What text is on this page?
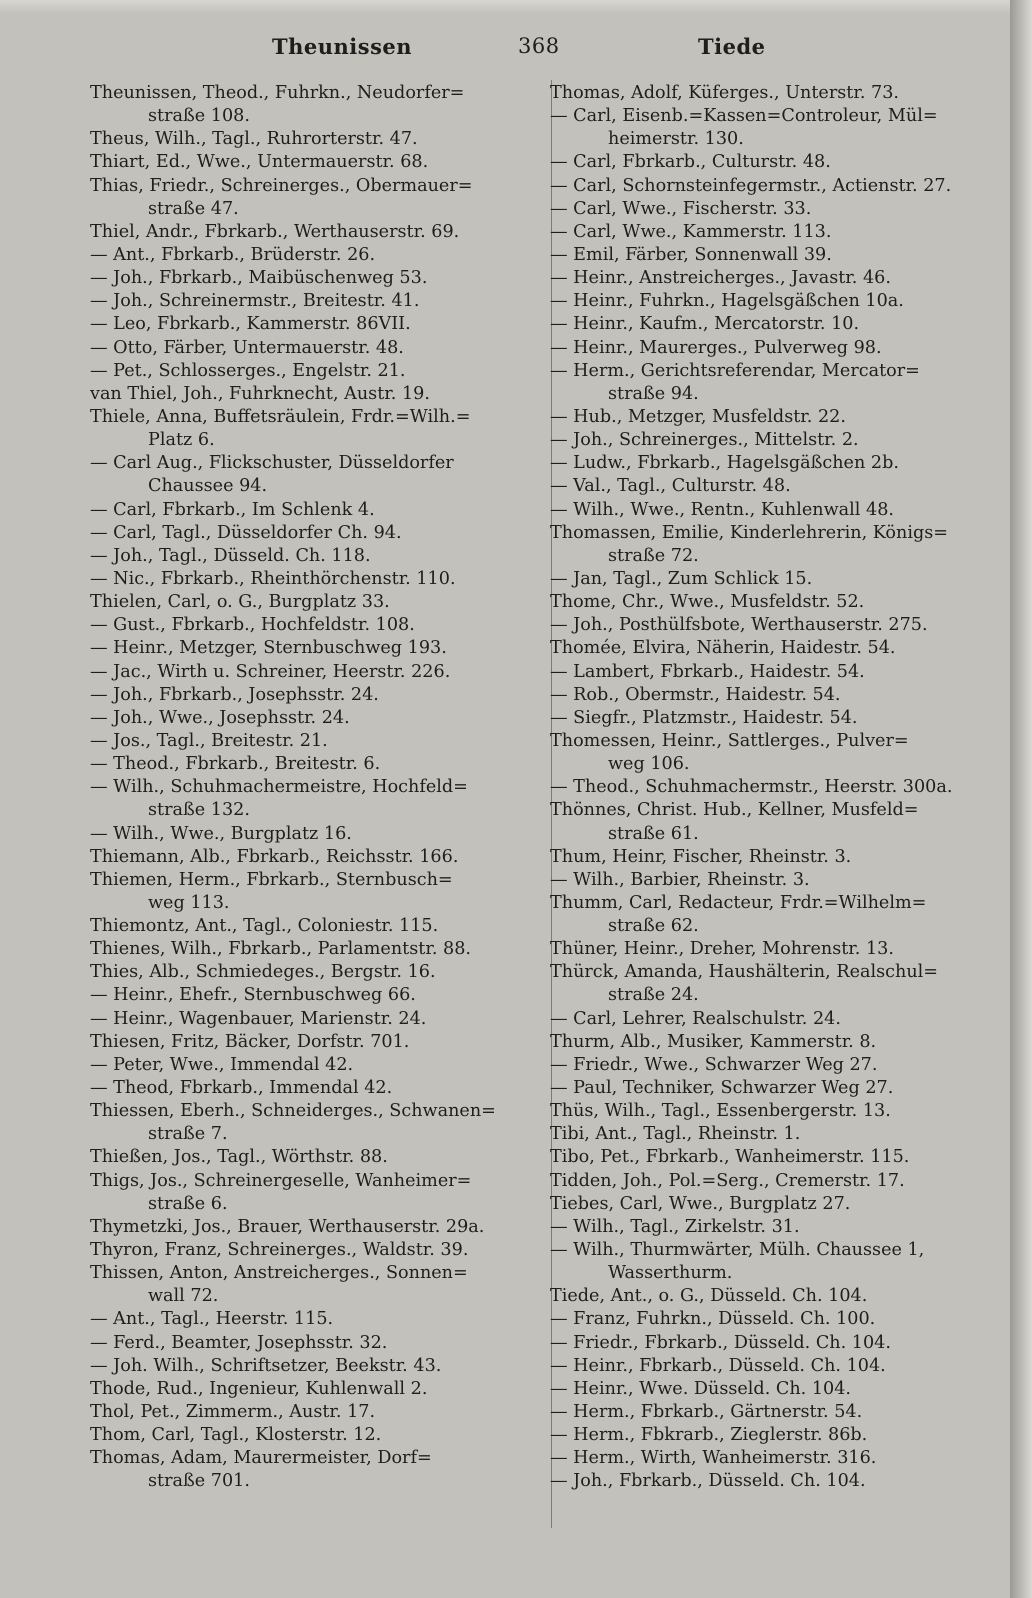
Theunissen	368	Tiede
Theunissen, Theod., Fuhrkn., Neudorfer=
straße 108.
Theus, Wilh., Tagl., Ruhrorterstr. 47.
Thiart, Ed., Wwe., Untermauerstr. 68.
Thias, Friedr., Schreinerges., Obermauer=
straße 47.
Thiel, Andr., Fbrkarb., Werthauserstr. 69.
— Ant., Fbrkarb., Brüderstr. 26.
— Joh., Fbrkarb., Maibüschenweg 53.
— Joh., Schreinermstr., Breitestr. 41.
— Leo, Fbrkarb., Kammerstr. 86VII.
— Otto, Färber, Untermauerstr. 48.
— Pet., Schlosserges., Engelstr. 21.
van Thiel, Joh., Fuhrknecht, Austr. 19.
Thiele, Anna, Buffetsräulein, Frdr.=Wilh.=
Platz 6.
— Carl Aug., Flickschuster, Düsseldorfer
Chaussee 94.
— Carl, Fbrkarb., Im Schlenk 4.
— Carl, Tagl., Düsseldorfer Ch. 94.
— Joh., Tagl., Düsseld. Ch. 118.
— Nic., Fbrkarb., Rheinthörchenstr. 110.
Thielen, Carl, o. G., Burgplatz 33.
— Gust., Fbrkarb., Hochfeldstr. 108.
— Heinr., Metzger, Sternbuschweg 193.
— Jac., Wirth u. Schreiner, Heerstr. 226.
— Joh., Fbrkarb., Josephsstr. 24.
— Joh., Wwe., Josephsstr. 24.
— Jos., Tagl., Breitestr. 21.
— Theod., Fbrkarb., Breitestr. 6.
— Wilh., Schuhmachermeistre, Hochfeld=
straße 132.
— Wilh., Wwe., Burgplatz 16.
Thiemann, Alb., Fbrkarb., Reichsstr. 166.
Thiemen, Herm., Fbrkarb., Sternbusch=
weg 113.
Thiemontz, Ant., Tagl., Coloniestr. 115.
Thienes, Wilh., Fbrkarb., Parlamentstr. 88.
Thies, Alb., Schmiedeges., Bergstr. 16.
— Heinr., Ehefr., Sternbuschweg 66.
— Heinr., Wagenbauer, Marienstr. 24.
Thiesen, Fritz, Bäcker, Dorfstr. 701.
— Peter, Wwe., Immendal 42.
— Theod, Fbrkarb., Immendal 42.
Thiessen, Eberh., Schneiderges., Schwanen=
straße 7.
Thießen, Jos., Tagl., Wörthstr. 88.
Thigs, Jos., Schreinergeselle, Wanheimer=
straße 6.
Thymetzki, Jos., Brauer, Werthauserstr. 29a.
Thyron, Franz, Schreinerges., Waldstr. 39.
Thissen, Anton, Anstreicherges., Sonnen=
wall 72.
— Ant., Tagl., Heerstr. 115.
— Ferd., Beamter, Josephsstr. 32.
— Joh. Wilh., Schriftsetzer, Beekstr. 43.
Thode, Rud., Ingenieur, Kuhlenwall 2.
Thol, Pet., Zimmerm., Austr. 17.
Thom, Carl, Tagl., Klosterstr. 12.
Thomas, Adam, Maurermeister, Dorf=
straße 701.
Thomas, Adolf, Küferges., Unterstr. 73.
— Carl, Eisenb.=Kassen=Controleur, Mül=
heimerstr. 130.
— Carl, Fbrkarb., Culturstr. 48.
— Carl, Schornsteinfegermstr., Actienstr. 27.
— Carl, Wwe., Fischerstr. 33.
— Carl, Wwe., Kammerstr. 113.
— Emil, Färber, Sonnenwall 39.
— Heinr., Anstreicherges., Javastr. 46.
— Heinr., Fuhrkn., Hagelsgäßchen 10a.
— Heinr., Kaufm., Mercatorstr. 10.
— Heinr., Maurerges., Pulverweg 98.
— Herm., Gerichtsreferendar, Mercator=
straße 94.
— Hub., Metzger, Musfeldstr. 22.
— Joh., Schreinerges., Mittelstr. 2.
— Ludw., Fbrkarb., Hagelsgäßchen 2b.
— Val., Tagl., Culturstr. 48.
— Wilh., Wwe., Rentn., Kuhlenwall 48.
Thomassen, Emilie, Kinderlehrerin, Königs=
straße 72.
— Jan, Tagl., Zum Schlick 15.
Thome, Chr., Wwe., Musfeldstr. 52.
— Joh., Posthülfsbote, Werthauserstr. 275.
Thomée, Elvira, Näherin, Haidestr. 54.
— Lambert, Fbrkarb., Haidestr. 54.
— Rob., Obermstr., Haidestr. 54.
— Siegfr., Platzmstr., Haidestr. 54.
Thomessen, Heinr., Sattlerges., Pulver=
weg 106.
— Theod., Schuhmachermstr., Heerstr. 300a.
Thönnes, Christ. Hub., Kellner, Musfeld=
straße 61.
Thum, Heinr, Fischer, Rheinstr. 3.
— Wilh., Barbier, Rheinstr. 3.
Thumm, Carl, Redacteur, Frdr.=Wilhelm=
straße 62.
Thüner, Heinr., Dreher, Mohrenstr. 13.
Thürck, Amanda, Haushälterin, Realschul=
straße 24.
— Carl, Lehrer, Realschulstr. 24.
Thurm, Alb., Musiker, Kammerstr. 8.
— Friedr., Wwe., Schwarzer Weg 27.
— Paul, Techniker, Schwarzer Weg 27.
Thüs, Wilh., Tagl., Essenbergerstr. 13.
Tibi, Ant., Tagl., Rheinstr. 1.
Tibo, Pet., Fbrkarb., Wanheimerstr. 115.
Tidden, Joh., Pol.=Serg., Cremerstr. 17.
Tiebes, Carl, Wwe., Burgplatz 27.
— Wilh., Tagl., Zirkelstr. 31.
— Wilh., Thurmwärter, Mülh. Chaussee 1,
Wasserthurm.
Tiede, Ant., o. G., Düsseld. Ch. 104.
— Franz, Fuhrkn., Düsseld. Ch. 100.
— Friedr., Fbrkarb., Düsseld. Ch. 104.
— Heinr., Fbrkarb., Düsseld. Ch. 104.
— Heinr., Wwe. Düsseld. Ch. 104.
— Herm., Fbrkarb., Gärtnerstr. 54.
— Herm., Fbkrarb., Zieglerstr. 86b.
— Herm., Wirth, Wanheimerstr. 316.
— Joh., Fbrkarb., Düsseld. Ch. 104.
